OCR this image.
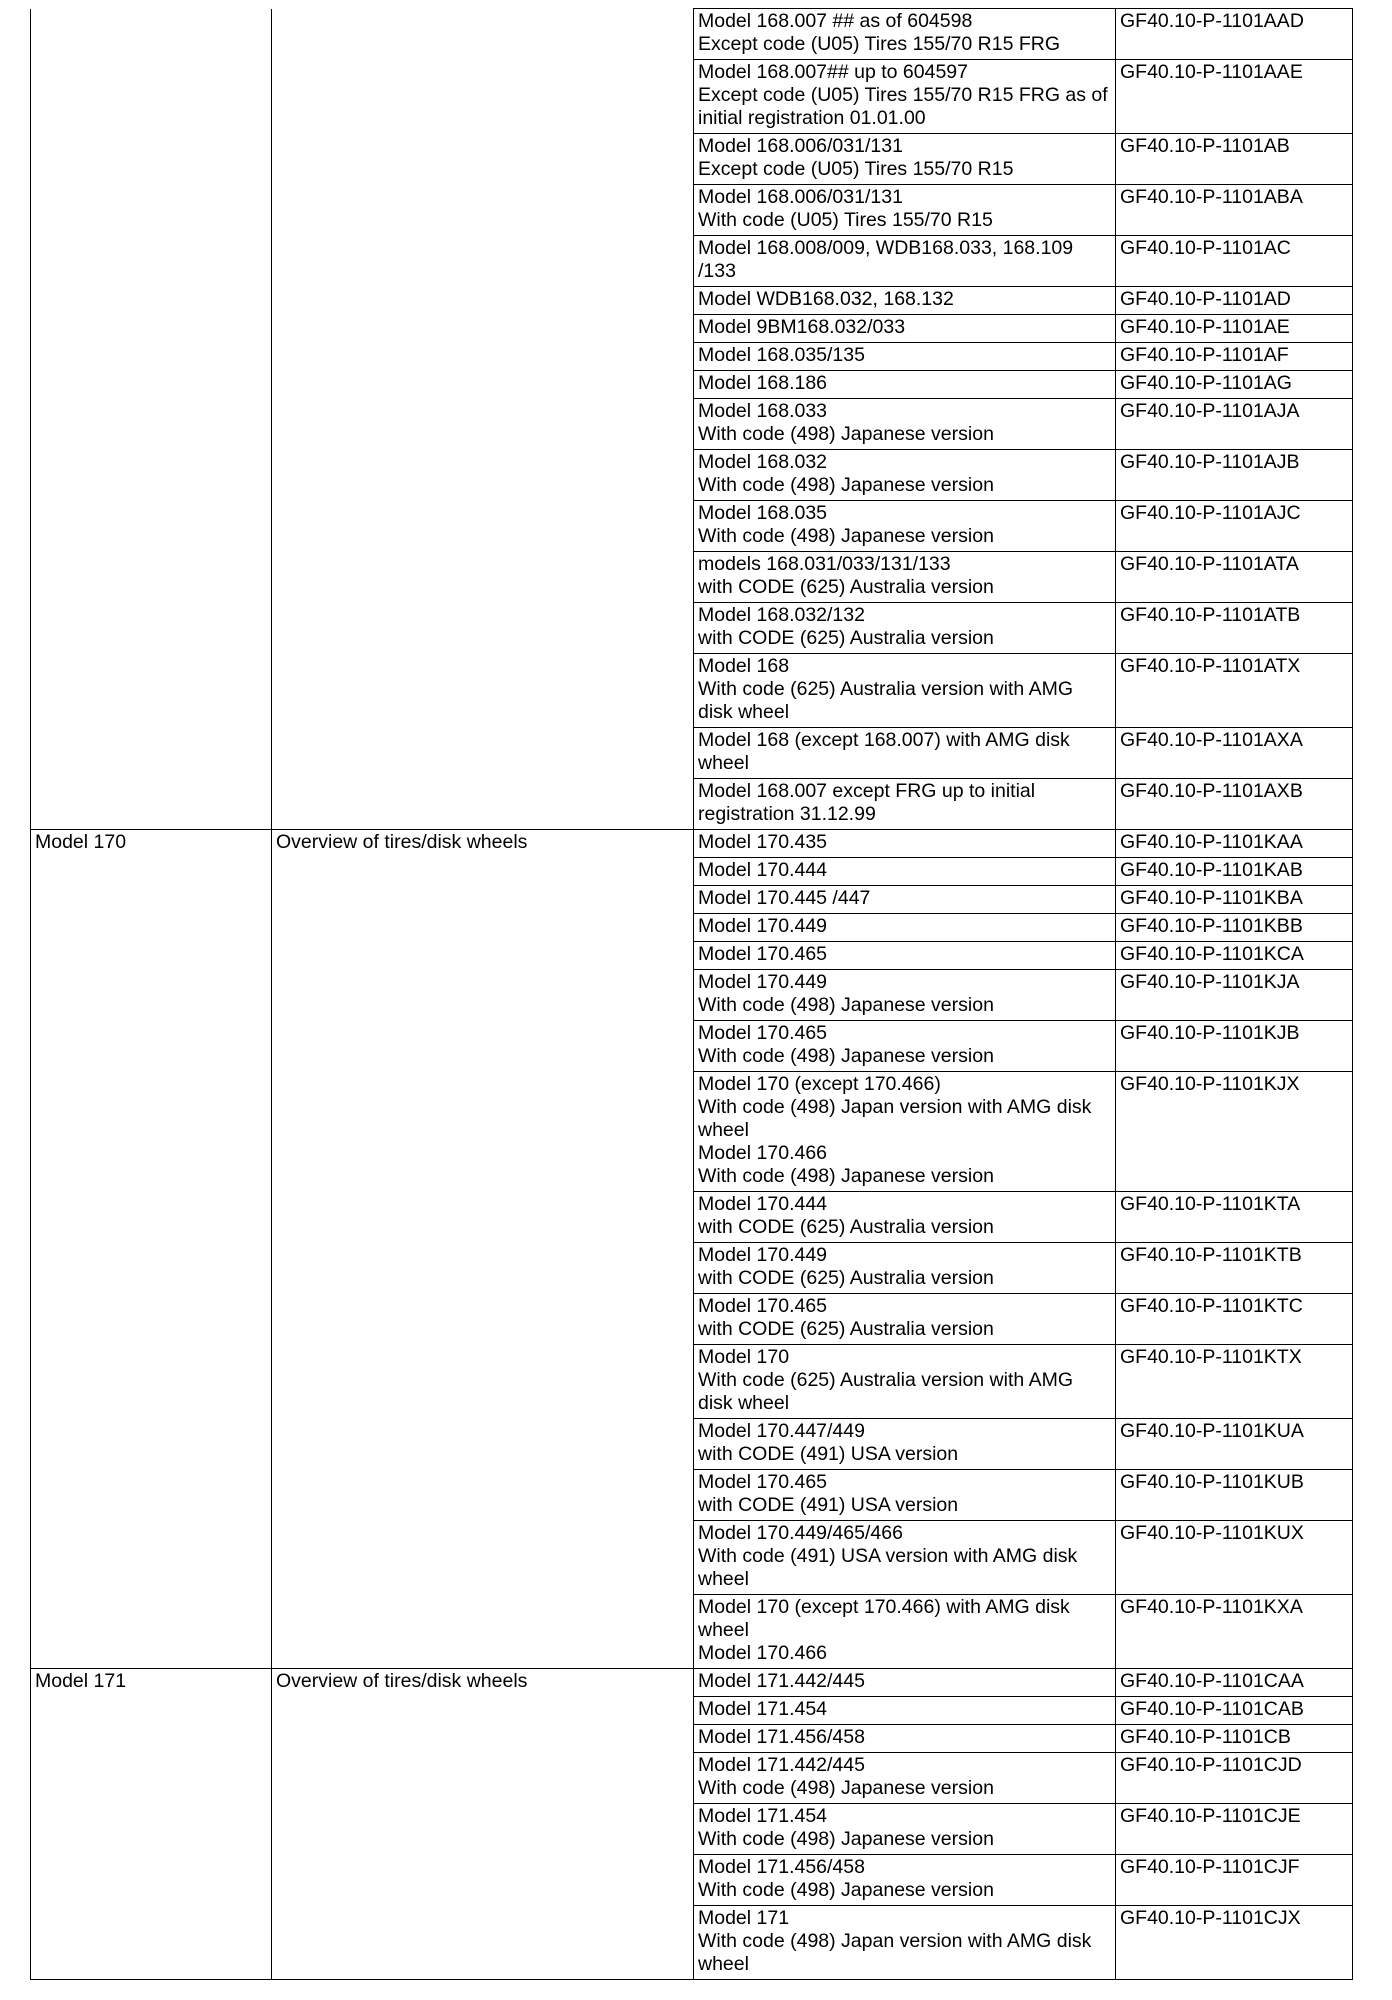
		Model 168.007 ## as of 604598
Except code (U05) Tires 155/70 R15 FRG	GF40.10-P-1101AAD
		Model 168.007## up to 604597
Except code (U05) Tires 155/70 R15 FRG as of initial registration 01.01.00	GF40.10-P-1101AAE
		Model 168.006/031/131
Except code (U05) Tires 155/70 R15	GF40.10-P-1101AB
		Model 168.006/031/131
With code (U05) Tires 155/70 R15	GF40.10-P-1101ABA
		Model 168.008/009, WDB168.033, 168.109 /133	GF40.10-P-1101AC
		Model WDB168.032, 168.132	GF40.10-P-1101AD
		Model 9BM168.032/033	GF40.10-P-1101AE
		Model 168.035/135	GF40.10-P-1101AF
		Model 168.186	GF40.10-P-1101AG
		Model 168.033
With code (498) Japanese version	GF40.10-P-1101AJA
		Model 168.032
With code (498) Japanese version	GF40.10-P-1101AJB
		Model 168.035
With code (498) Japanese version	GF40.10-P-1101AJC
		models 168.031/033/131/133
with CODE (625) Australia version	GF40.10-P-1101ATA
		Model 168.032/132
with CODE (625) Australia version	GF40.10-P-1101ATB
		Model 168
With code (625) Australia version with AMG disk wheel	GF40.10-P-1101ATX
		Model 168 (except 168.007) with AMG disk wheel	GF40.10-P-1101AXA
		Model 168.007 except FRG up to initial registration 31.12.99	GF40.10-P-1101AXB
Model 170	Overview of tires/disk wheels	Model 170.435	GF40.10-P-1101KAA
		Model 170.444	GF40.10-P-1101KAB
		Model 170.445 /447	GF40.10-P-1101KBA
		Model 170.449	GF40.10-P-1101KBB
		Model 170.465	GF40.10-P-1101KCA
		Model 170.449
With code (498) Japanese version	GF40.10-P-1101KJA
		Model 170.465
With code (498) Japanese version	GF40.10-P-1101KJB
		Model 170 (except 170.466)
With code (498) Japan version with AMG disk wheel
Model 170.466
With code (498) Japanese version	GF40.10-P-1101KJX
		Model 170.444
with CODE (625) Australia version	GF40.10-P-1101KTA
		Model 170.449
with CODE (625) Australia version	GF40.10-P-1101KTB
		Model 170.465
with CODE (625) Australia version	GF40.10-P-1101KTC
		Model 170
With code (625) Australia version with AMG disk wheel	GF40.10-P-1101KTX
		Model 170.447/449
with CODE (491) USA version	GF40.10-P-1101KUA
		Model 170.465
with CODE (491) USA version	GF40.10-P-1101KUB
		Model 170.449/465/466
With code (491) USA version with AMG disk wheel	GF40.10-P-1101KUX
		Model 170 (except 170.466) with AMG disk wheel
Model 170.466	GF40.10-P-1101KXA
Model 171	Overview of tires/disk wheels	Model 171.442/445	GF40.10-P-1101CAA
		Model 171.454	GF40.10-P-1101CAB
		Model 171.456/458	GF40.10-P-1101CB
		Model 171.442/445
With code (498) Japanese version	GF40.10-P-1101CJD
		Model 171.454
With code (498) Japanese version	GF40.10-P-1101CJE
		Model 171.456/458
With code (498) Japanese version	GF40.10-P-1101CJF
		Model 171
With code (498) Japan version with AMG disk wheel	GF40.10-P-1101CJX
